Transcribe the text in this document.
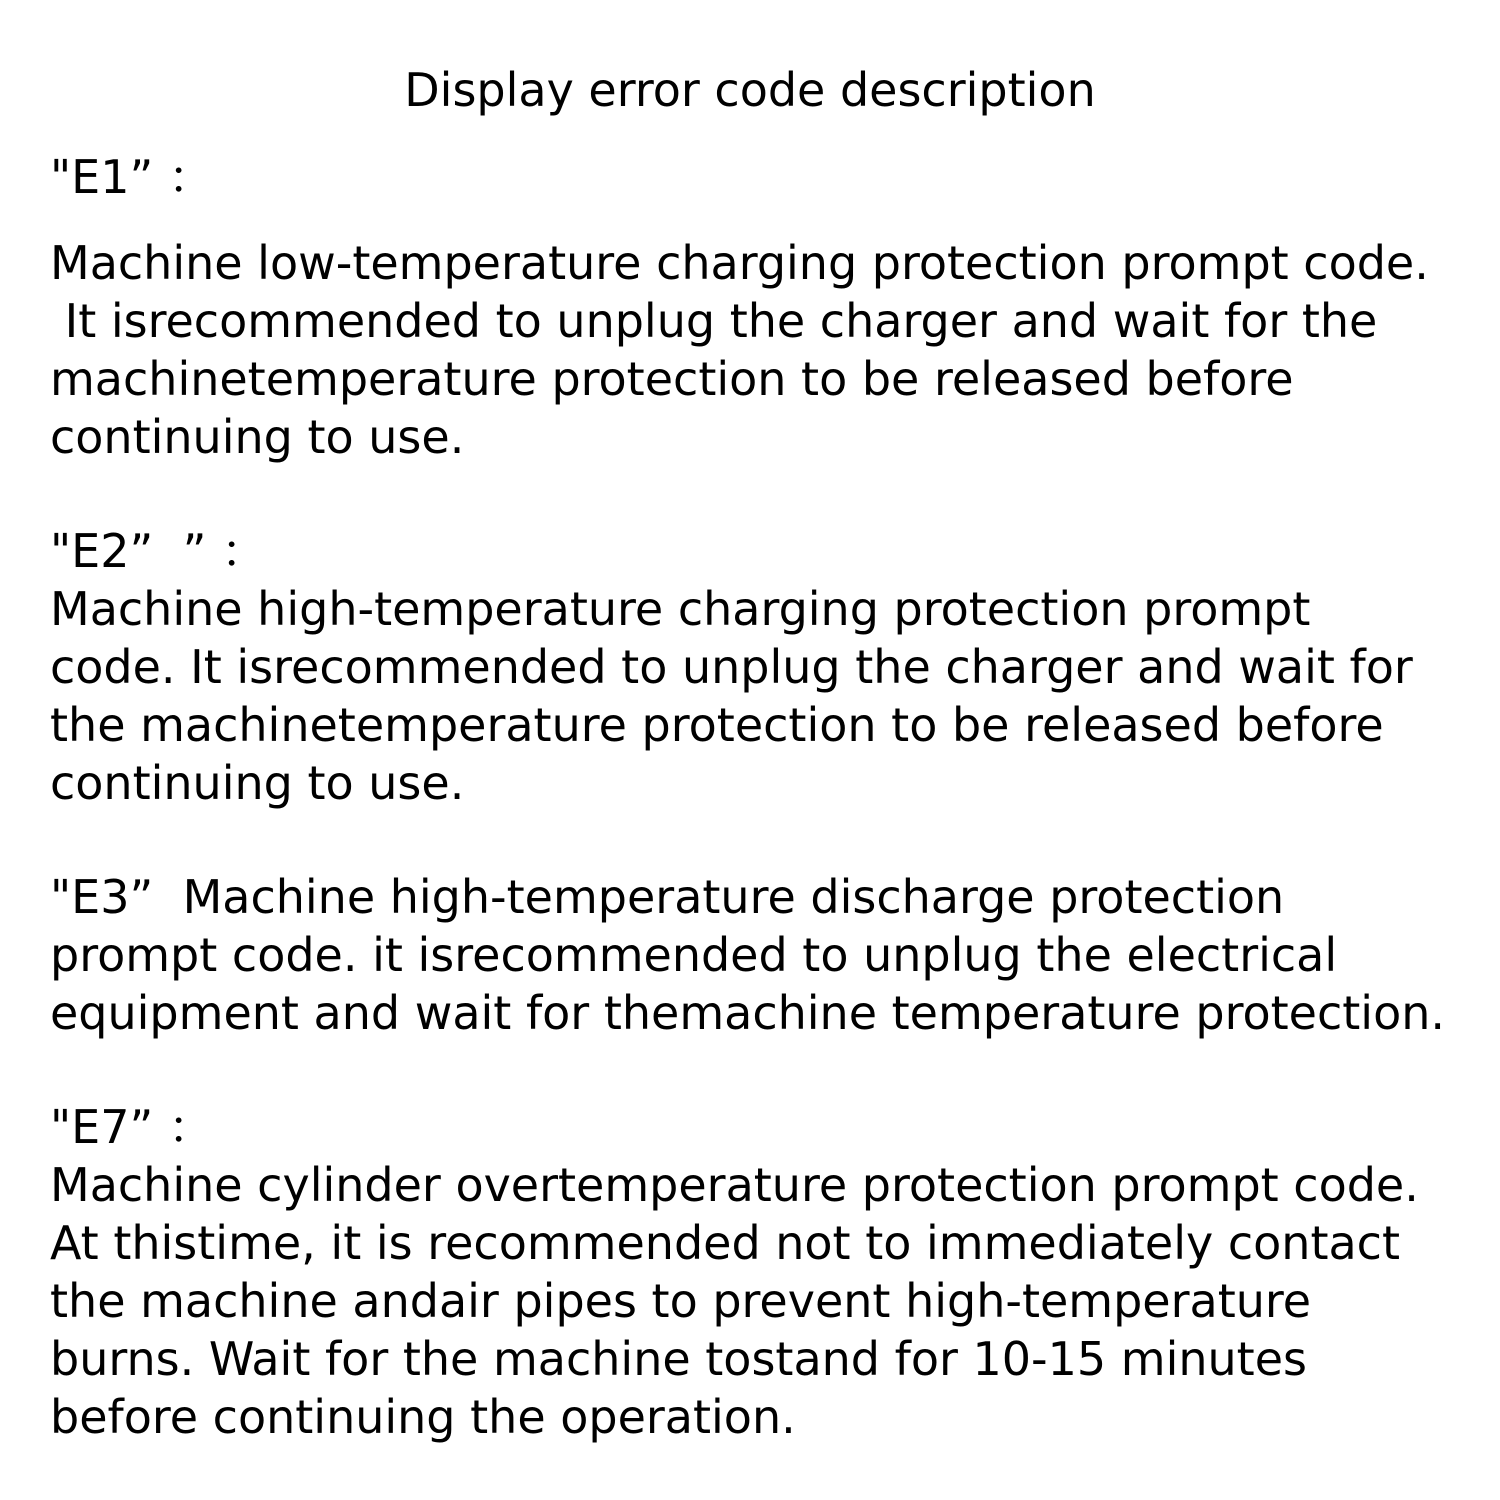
Display error code description

"E1” ：

Machine low-temperature charging protection prompt code.

It isrecommended to unplug the charger and wait for the

machinetemperature protection to be released before

continuing to use.

"E2”  ” ：

Machine high-temperature charging protection prompt

code. It isrecommended to unplug the charger and wait for

the machinetemperature protection to be released before

continuing to use.

"E3”  Machine high-temperature discharge protection

prompt code. it isrecommended to unplug the electrical

equipment and wait for themachine temperature protection.

"E7” ：

Machine cylinder overtemperature protection prompt code.

At thistime, it is recommended not to immediately contact

the machine andair pipes to prevent high-temperature

burns. Wait for the machine tostand for 10-15 minutes

before continuing the operation.
